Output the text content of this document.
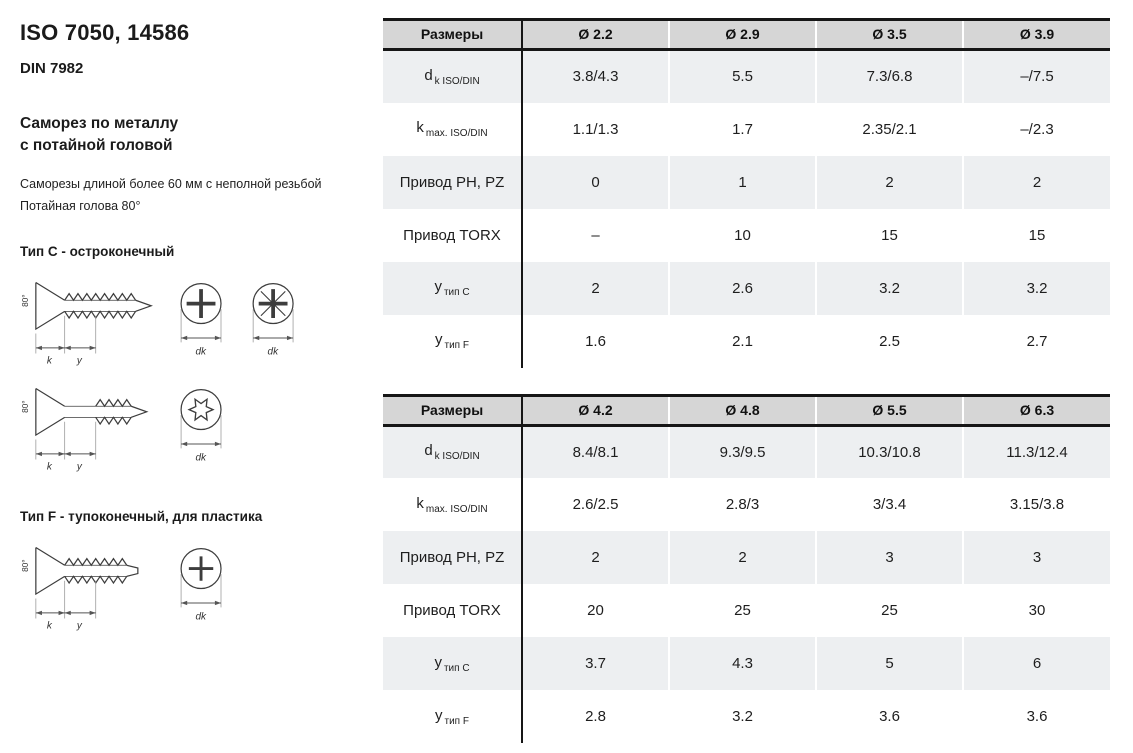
ISO 7050, 14586
DIN 7982

Саморез по металлу
с потайной головой

Саморезы длиной более 60 мм с неполной резьбой
Потайная голова 80°

Тип C - остроконечный
k	y
80°
dk	dk
k	y
80°
dk
Тип F - тупоконечный, для пластика
k	y
80°
dk
Размеры	Ø 2.2	Ø 2.9	Ø 3.5	Ø 3.9
d $_{k ISO/DIN}$	3.8/4.3	5.5	7.3/6.8	–/7.5
k $_{max. ISO/DIN}$	1.1/1.3	1.7	2.35/2.1	–/2.3
Привод PH, PZ	0	1	2	2
Привод TORX	–	10	15	15
y $_{тип C}$	2	2.6	3.2	3.2
y $_{тип F}$	1.6	2.1	2.5	2.7
Размеры	Ø 4.2	Ø 4.8	Ø 5.5	Ø 6.3
d $_{k ISO/DIN}$	8.4/8.1	9.3/9.5	10.3/10.8	11.3/12.4
k $_{max. ISO/DIN}$	2.6/2.5	2.8/3	3/3.4	3.15/3.8
Привод PH, PZ	2	2	3	3
Привод TORX	20	25	25	30
y $_{тип C}$	3.7	4.3	5	6
y $_{тип F}$	2.8	3.2	3.6	3.6
